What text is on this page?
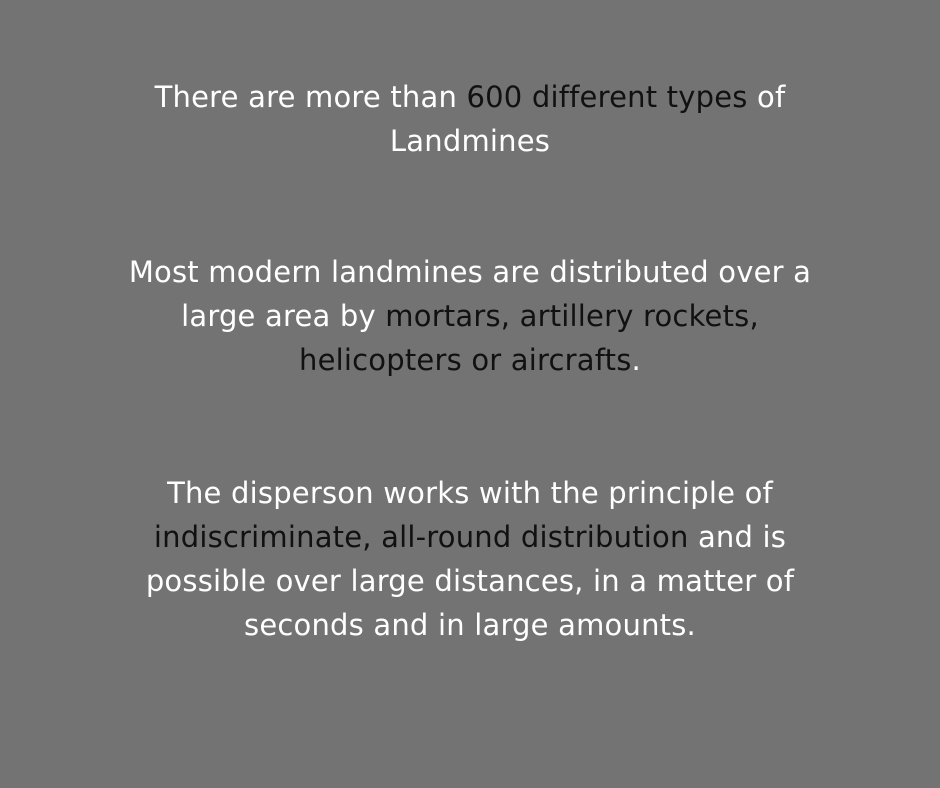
There are more than 600 different types of
Landmines
Most modern landmines are distributed over a
large area by mortars, artillery rockets,
helicopters or aircrafts.
The disperson works with the principle of
indiscriminate, all-round distribution and is
possible over large distances, in a matter of
seconds and in large amounts.
